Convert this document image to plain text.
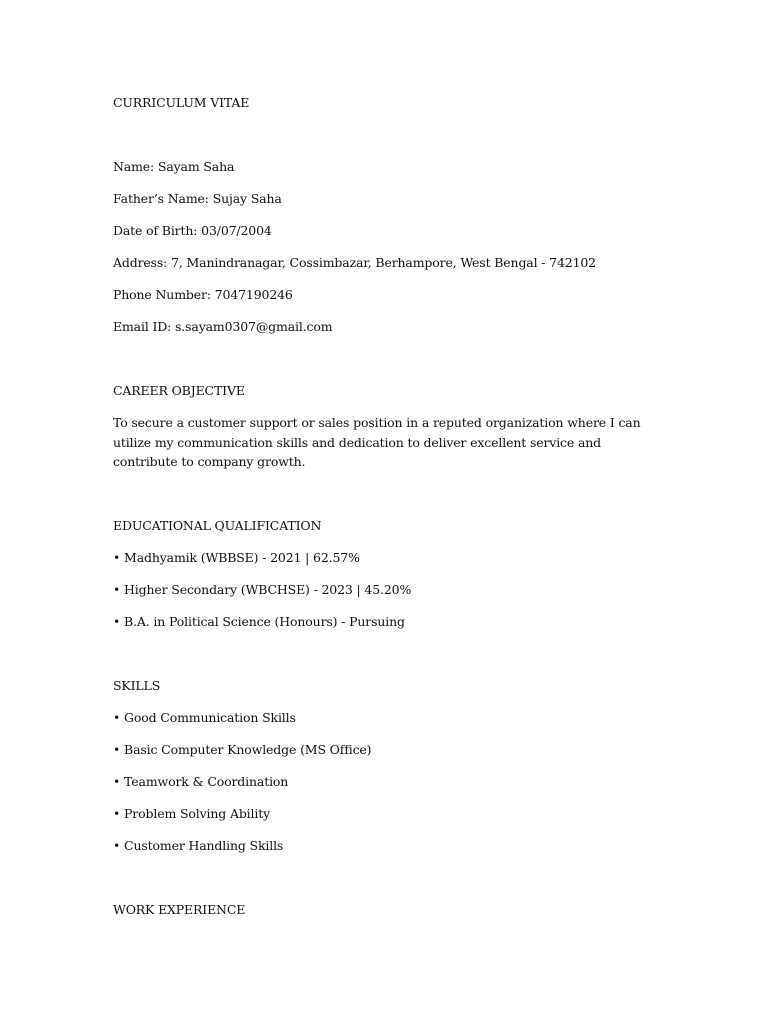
CURRICULUM VITAE
Name: Sayam Saha
Father’s Name: Sujay Saha
Date of Birth: 03/07/2004
Address: 7, Manindranagar, Cossimbazar, Berhampore, West Bengal - 742102
Phone Number: 7047190246
Email ID: s.sayam0307@gmail.com
CAREER OBJECTIVE
To secure a customer support or sales position in a reputed organization where I can utilize my communication skills and dedication to deliver excellent service and contribute to company growth.
EDUCATIONAL QUALIFICATION
• Madhyamik (WBBSE) - 2021 | 62.57%
• Higher Secondary (WBCHSE) - 2023 | 45.20%
• B.A. in Political Science (Honours) - Pursuing
SKILLS
• Good Communication Skills
• Basic Computer Knowledge (MS Office)
• Teamwork & Coordination
• Problem Solving Ability
• Customer Handling Skills
WORK EXPERIENCE
